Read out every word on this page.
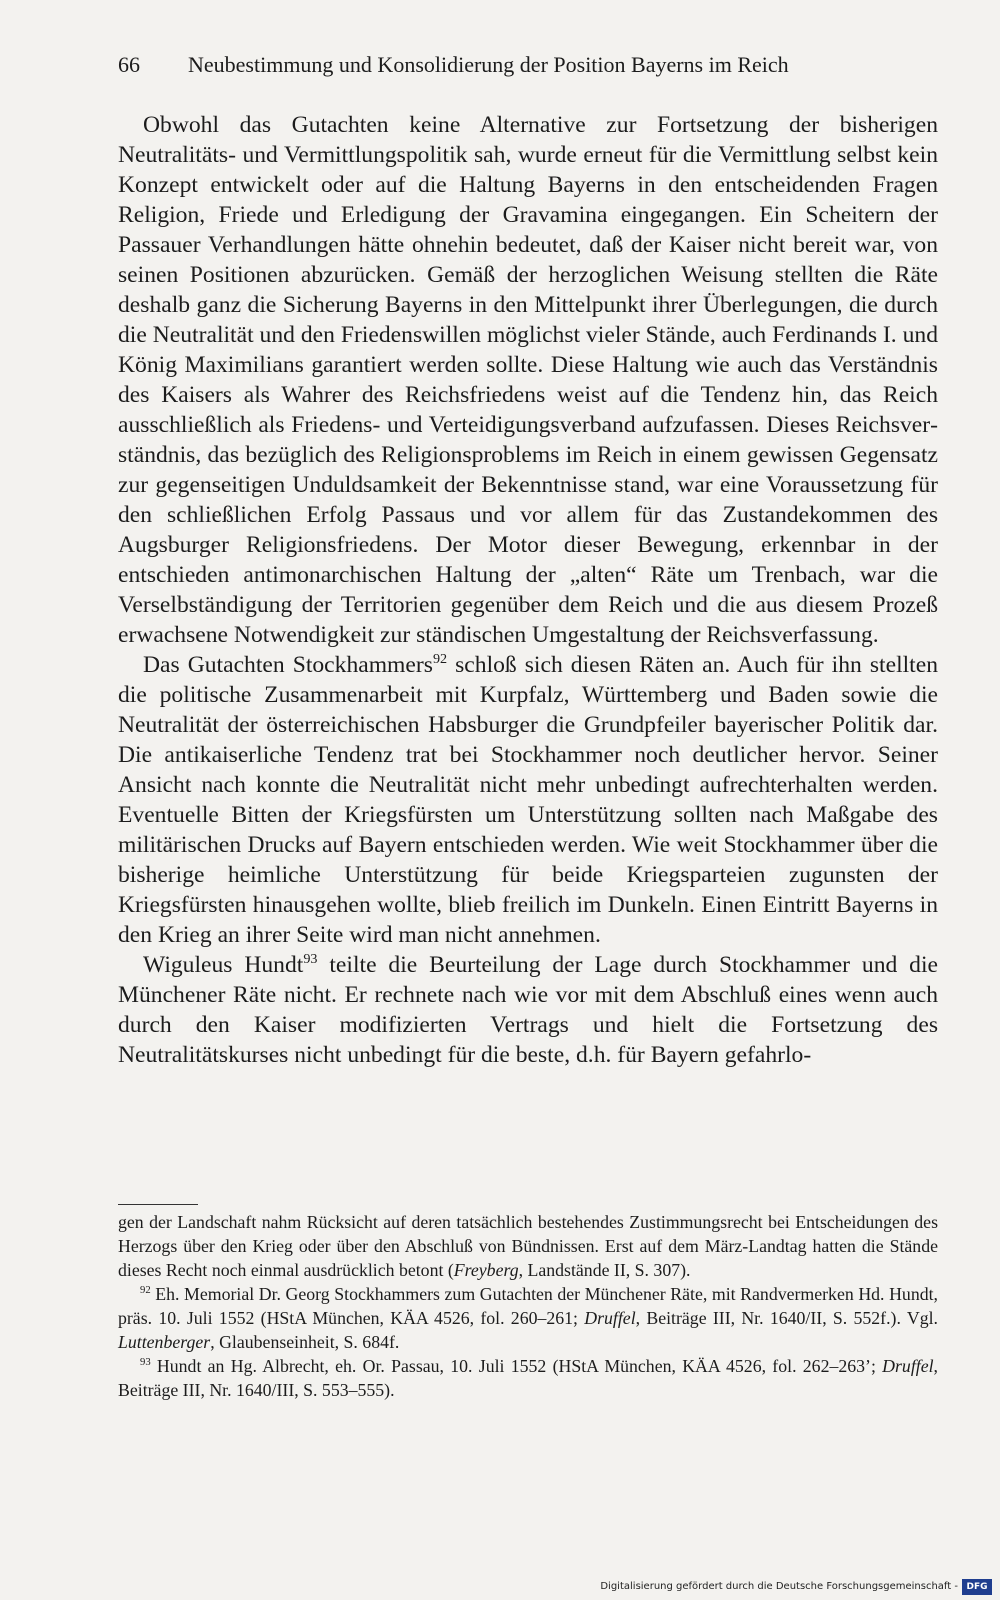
66 Neubestimmung und Konsolidierung der Position Bayerns im Reich

Obwohl das Gutachten keine Alternative zur Fortsetzung der bisherigen Neutralitäts- und Vermittlungspolitik sah, wurde erneut für die Vermittlung selbst kein Konzept entwickelt oder auf die Haltung Bayerns in den entscheidenden Fragen Religion, Friede und Erledigung der Gravamina eingegangen. Ein Scheitern der Passauer Verhandlungen hätte ohnehin bedeutet, daß der Kaiser nicht bereit war, von seinen Positionen abzurücken. Gemäß der herzoglichen Weisung stellten die Räte deshalb ganz die Sicherung Bayerns in den Mittelpunkt ihrer Überlegungen, die durch die Neutralität und den Friedenswillen möglichst vieler Stände, auch Ferdinands I. und König Maximilians garantiert werden sollte. Diese Haltung wie auch das Verständnis des Kaisers als Wahrer des Reichsfriedens weist auf die Tendenz hin, das Reich ausschließlich als Friedens- und Verteidigungsverband aufzufassen. Dieses Reichsverständnis, das bezüglich des Religionsproblems im Reich in einem gewissen Gegensatz zur gegenseitigen Unduldsamkeit der Bekenntnisse stand, war eine Voraussetzung für den schließlichen Erfolg Passaus und vor allem für das Zustandekommen des Augsburger Religionsfriedens. Der Motor dieser Bewegung, erkennbar in der entschieden antimonarchischen Haltung der „alten“ Räte um Trenbach, war die Verselbständigung der Territorien gegenüber dem Reich und die aus diesem Prozeß erwachsene Notwendigkeit zur ständischen Umgestaltung der Reichsverfassung.

Das Gutachten Stockhammers$^{92}$ schloß sich diesen Räten an. Auch für ihn stellten die politische Zusammenarbeit mit Kurpfalz, Württemberg und Baden sowie die Neutralität der österreichischen Habsburger die Grundpfeiler bayerischer Politik dar. Die antikaiserliche Tendenz trat bei Stockhammer noch deutlicher hervor. Seiner Ansicht nach konnte die Neutralität nicht mehr unbedingt aufrechterhalten werden. Eventuelle Bitten der Kriegsfürsten um Unterstützung sollten nach Maßgabe des militärischen Drucks auf Bayern entschieden werden. Wie weit Stockhammer über die bisherige heimliche Unterstützung für beide Kriegsparteien zugunsten der Kriegsfürsten hinausgehen wollte, blieb freilich im Dunkeln. Einen Eintritt Bayerns in den Krieg an ihrer Seite wird man nicht annehmen.

Wiguleus Hundt$^{93}$ teilte die Beurteilung der Lage durch Stockhammer und die Münchener Räte nicht. Er rechnete nach wie vor mit dem Abschluß eines wenn auch durch den Kaiser modifizierten Vertrags und hielt die Fortsetzung des Neutralitätskurses nicht unbedingt für die beste, d.h. für Bayern gefahrlo-

gen der Landschaft nahm Rücksicht auf deren tatsächlich bestehendes Zustimmungsrecht bei Entscheidungen des Herzogs über den Krieg oder über den Abschluß von Bündnissen. Erst auf dem März-Landtag hatten die Stände dieses Recht noch einmal ausdrücklich betont (Freyberg, Landstände II, S. 307).

$^{92}$ Eh. Memorial Dr. Georg Stockhammers zum Gutachten der Münchener Räte, mit Randvermerken Hd. Hundt, präs. 10. Juli 1552 (HStA München, KÄA 4526, fol. 260–261; Druffel, Beiträge III, Nr. 1640/II, S. 552f.). Vgl. Luttenberger, Glaubenseinheit, S. 684f.

$^{93}$ Hundt an Hg. Albrecht, eh. Or. Passau, 10. Juli 1552 (HStA München, KÄA 4526, fol. 262–263’; Druffel, Beiträge III, Nr. 1640/III, S. 553–555).

Digitalisierung gefördert durch die Deutsche Forschungsgemeinschaft - DFG
